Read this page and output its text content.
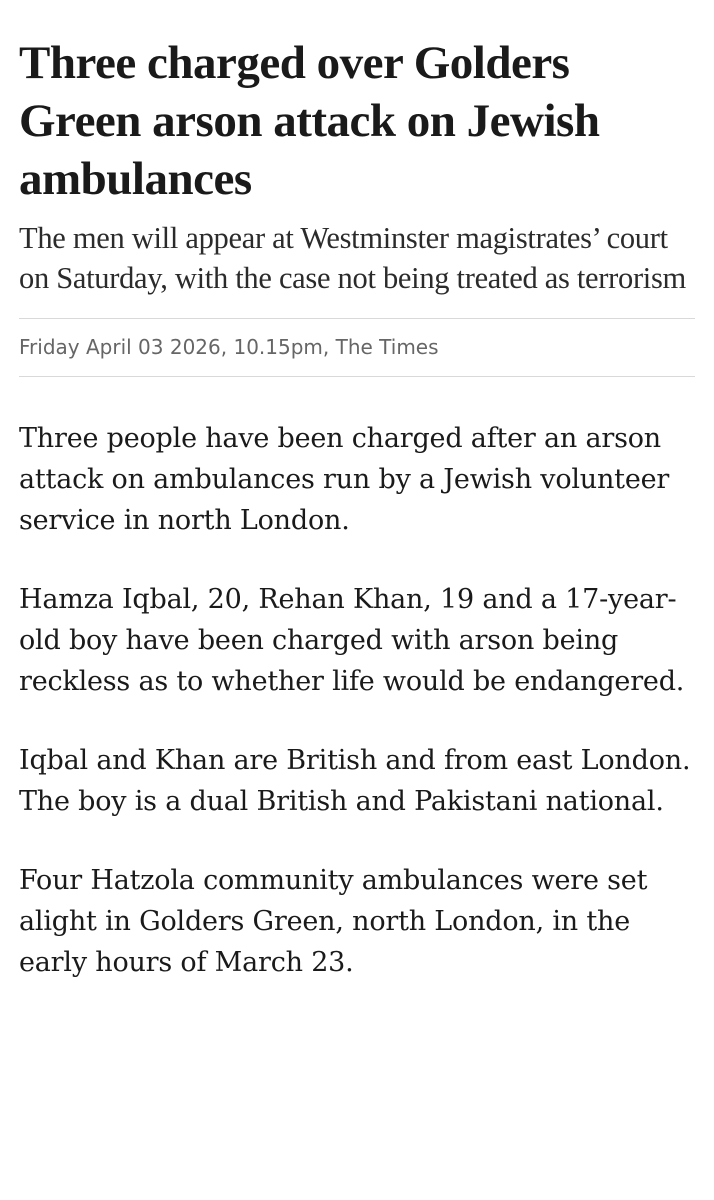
Three charged over Golders Green arson attack on Jewish ambulances

The men will appear at Westminster magistrates’ court on Saturday, with the case not being treated as terrorism

Friday April 03 2026, 10.15pm, The Times

Three people have been charged after an arson attack on ambulances run by a Jewish volunteer service in north London.

Hamza Iqbal, 20, Rehan Khan, 19 and a 17-year-old boy have been charged with arson being reckless as to whether life would be endangered.

Iqbal and Khan are British and from east London. The boy is a dual British and Pakistani national.

Four Hatzola community ambulances were set alight in Golders Green, north London, in the early hours of March 23.
